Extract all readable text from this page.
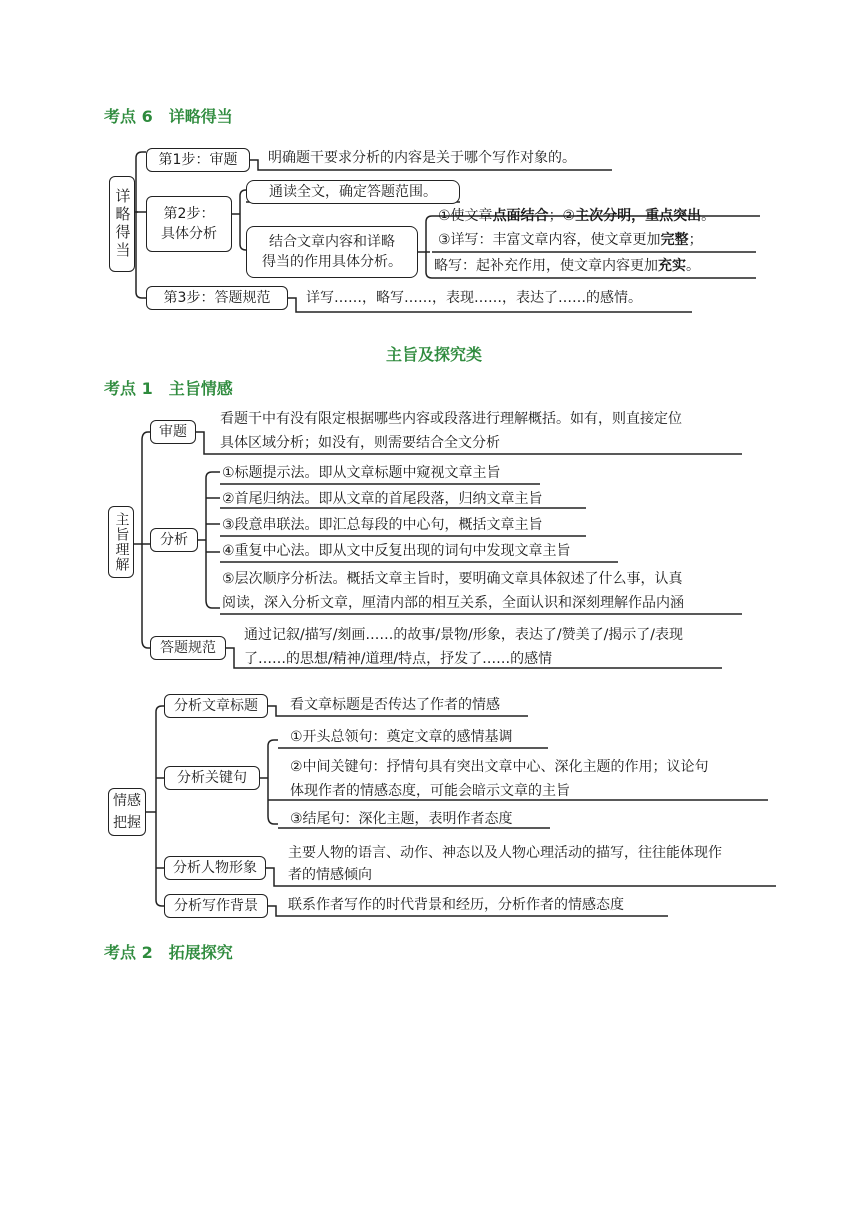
考点 6　详略得当
详略得当
第1步：审题 明确题干要求分析的内容是关于哪个写作对象的。
第2步：
具体分析
通读全文，确定答题范围。
结合文章内容和详略
得当的作用具体分析。
①使文章点面结合；②主次分明，重点突出。
③详写：丰富文章内容，使文章更加完整；
略写：起补充作用，使文章内容更加充实。
第3步：答题规范	详写……，略写……，表现……，表达了……的感情。
主旨及探究类
考点 1　主旨情感
主旨理解
审题
看题干中有没有限定根据哪些内容或段落进行理解概括。如有，则直接定位
具体区域分析；如没有，则需要结合全文分析
分析
①标题提示法。即从文章标题中窥视文章主旨
②首尾归纳法。即从文章的首尾段落，归纳文章主旨
③段意串联法。即汇总每段的中心句，概括文章主旨
④重复中心法。即从文中反复出现的词句中发现文章主旨
⑤层次顺序分析法。概括文章主旨时，要明确文章具体叙述了什么事，认真
阅读，深入分析文章，厘清内部的相互关系，全面认识和深刻理解作品内涵
答题规范
通过记叙/描写/刻画……的故事/景物/形象，表达了/赞美了/揭示了/表现
了……的思想/精神/道理/特点，抒发了……的感情
情感把握
分析文章标题 看文章标题是否传达了作者的情感
分析关键句
①开头总领句：奠定文章的感情基调
②中间关键句：抒情句具有突出文章中心、深化主题的作用；议论句
体现作者的情感态度，可能会暗示文章的主旨
③结尾句：深化主题，表明作者态度
分析人物形象
主要人物的语言、动作、神态以及人物心理活动的描写，往往能体现作
者的情感倾向
分析写作背景 联系作者写作的时代背景和经历，分析作者的情感态度
考点 2　拓展探究
